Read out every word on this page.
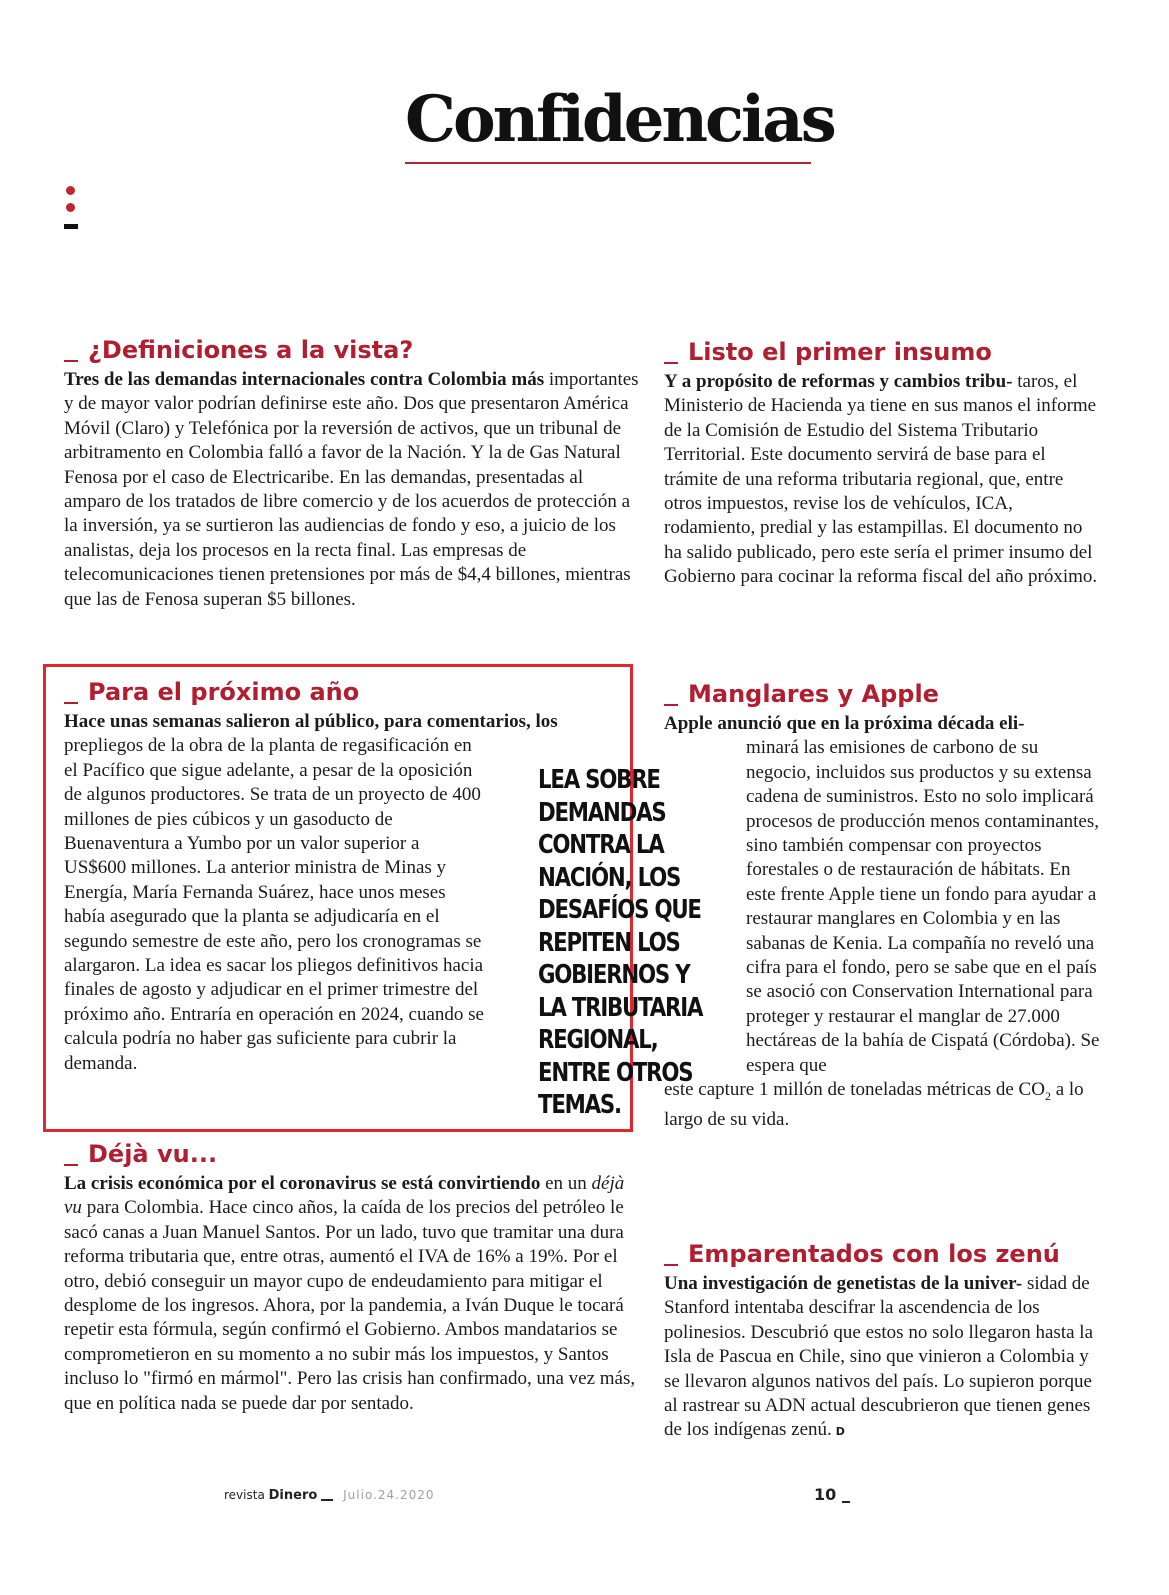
Confidencias
¿Definiciones a la vista?

Tres de las demandas internacionales contra Colombia más importantes y de mayor valor podrían definirse este año. Dos que presentaron América Móvil (Claro) y Telefónica por la reversión de activos, que un tribunal de arbitramento en Colombia falló a favor de la Nación. Y la de Gas Natural Fenosa por el caso de Electricaribe. En las demandas, presentadas al amparo de los tratados de libre comercio y de los acuerdos de protección a la inversión, ya se surtieron las audiencias de fondo y eso, a juicio de los analistas, deja los procesos en la recta final. Las empresas de telecomunicaciones tienen pretensiones por más de $4,4 billones, mientras que las de Fenosa superan $5 billones.

Listo el primer insumo

Y a propósito de reformas y cambios tribu- taros, el Ministerio de Hacienda ya tiene en sus manos el informe de la Comisión de Estudio del Sistema Tributario Territorial. Este documento servirá de base para el trámite de una reforma tributaria regional, que, entre otros impuestos, revise los de vehículos, ICA, rodamiento, predial y las estampillas. El documento no ha salido publicado, pero este sería el primer insumo del Gobierno para cocinar la reforma fiscal del año próximo.

Para el próximo año

Hace unas semanas salieron al público, para comentarios, los

prepliegos de la obra de la planta de regasificación en el Pacífico que sigue adelante, a pesar de la oposición de algunos productores. Se trata de un proyecto de 400 millones de pies cúbicos y un gasoducto de Buenaventura a Yumbo por un valor superior a US$600 millones. La anterior ministra de Minas y Energía, María Fernanda Suárez, hace unos meses había asegurado que la planta se adjudicaría en el segundo semestre de este año, pero los cronogramas se alargaron. La idea es sacar los pliegos definitivos hacia finales de agosto y adjudicar en el primer trimestre del próximo año. Entraría en operación en 2024, cuando se calcula podría no haber gas suficiente para cubrir la demanda.

LEA SOBRE
DEMANDAS
CONTRA LA
NACIÓN, LOS
DESAFÍOS QUE
REPITEN LOS
GOBIERNOS Y
LA TRIBUTARIA
REGIONAL,
ENTRE OTROS
TEMAS.
Manglares y Apple

Apple anunció que en la próxima década eli-

minará las emisiones de carbono de su negocio, incluidos sus productos y su extensa cadena de suministros. Esto no solo implicará procesos de producción menos contaminantes, sino también compensar con proyectos forestales o de restauración de hábitats. En este frente Apple tiene un fondo para ayudar a restaurar manglares en Colombia y en las sabanas de Kenia. La compañía no reveló una cifra para el fondo, pero se sabe que en el país se asoció con Conservation International para proteger y restaurar el manglar de 27.000 hectáreas de la bahía de Cispatá (Córdoba). Se espera que

este capture 1 millón de toneladas métricas de $CO_2$ a lo largo de su vida.

Déjà vu...

La crisis económica por el coronavirus se está convirtiendo en un déjà vu para Colombia. Hace cinco años, la caída de los precios del petróleo le sacó canas a Juan Manuel Santos. Por un lado, tuvo que tramitar una dura reforma tributaria que, entre otras, aumentó el IVA de 16% a 19%. Por el otro, debió conseguir un mayor cupo de endeudamiento para mitigar el desplome de los ingresos. Ahora, por la pandemia, a Iván Duque le tocará repetir esta fórmula, según confirmó el Gobierno. Ambos mandatarios se comprometieron en su momento a no subir más los impuestos, y Santos incluso lo "firmó en mármol". Pero las crisis han confirmado, una vez más, que en política nada se puede dar por sentado.

Emparentados con los zenú

Una investigación de genetistas de la univer- sidad de Stanford intentaba descifrar la ascendencia de los polinesios. Descubrió que estos no solo llegaron hasta la Isla de Pascua en Chile, sino que vinieron a Colombia y se llevaron algunos nativos del país. Lo supieron porque al rastrear su ADN actual descubrieron que tienen genes de los indígenas zenú. D

revista Dinero Julio.24.2020	10
